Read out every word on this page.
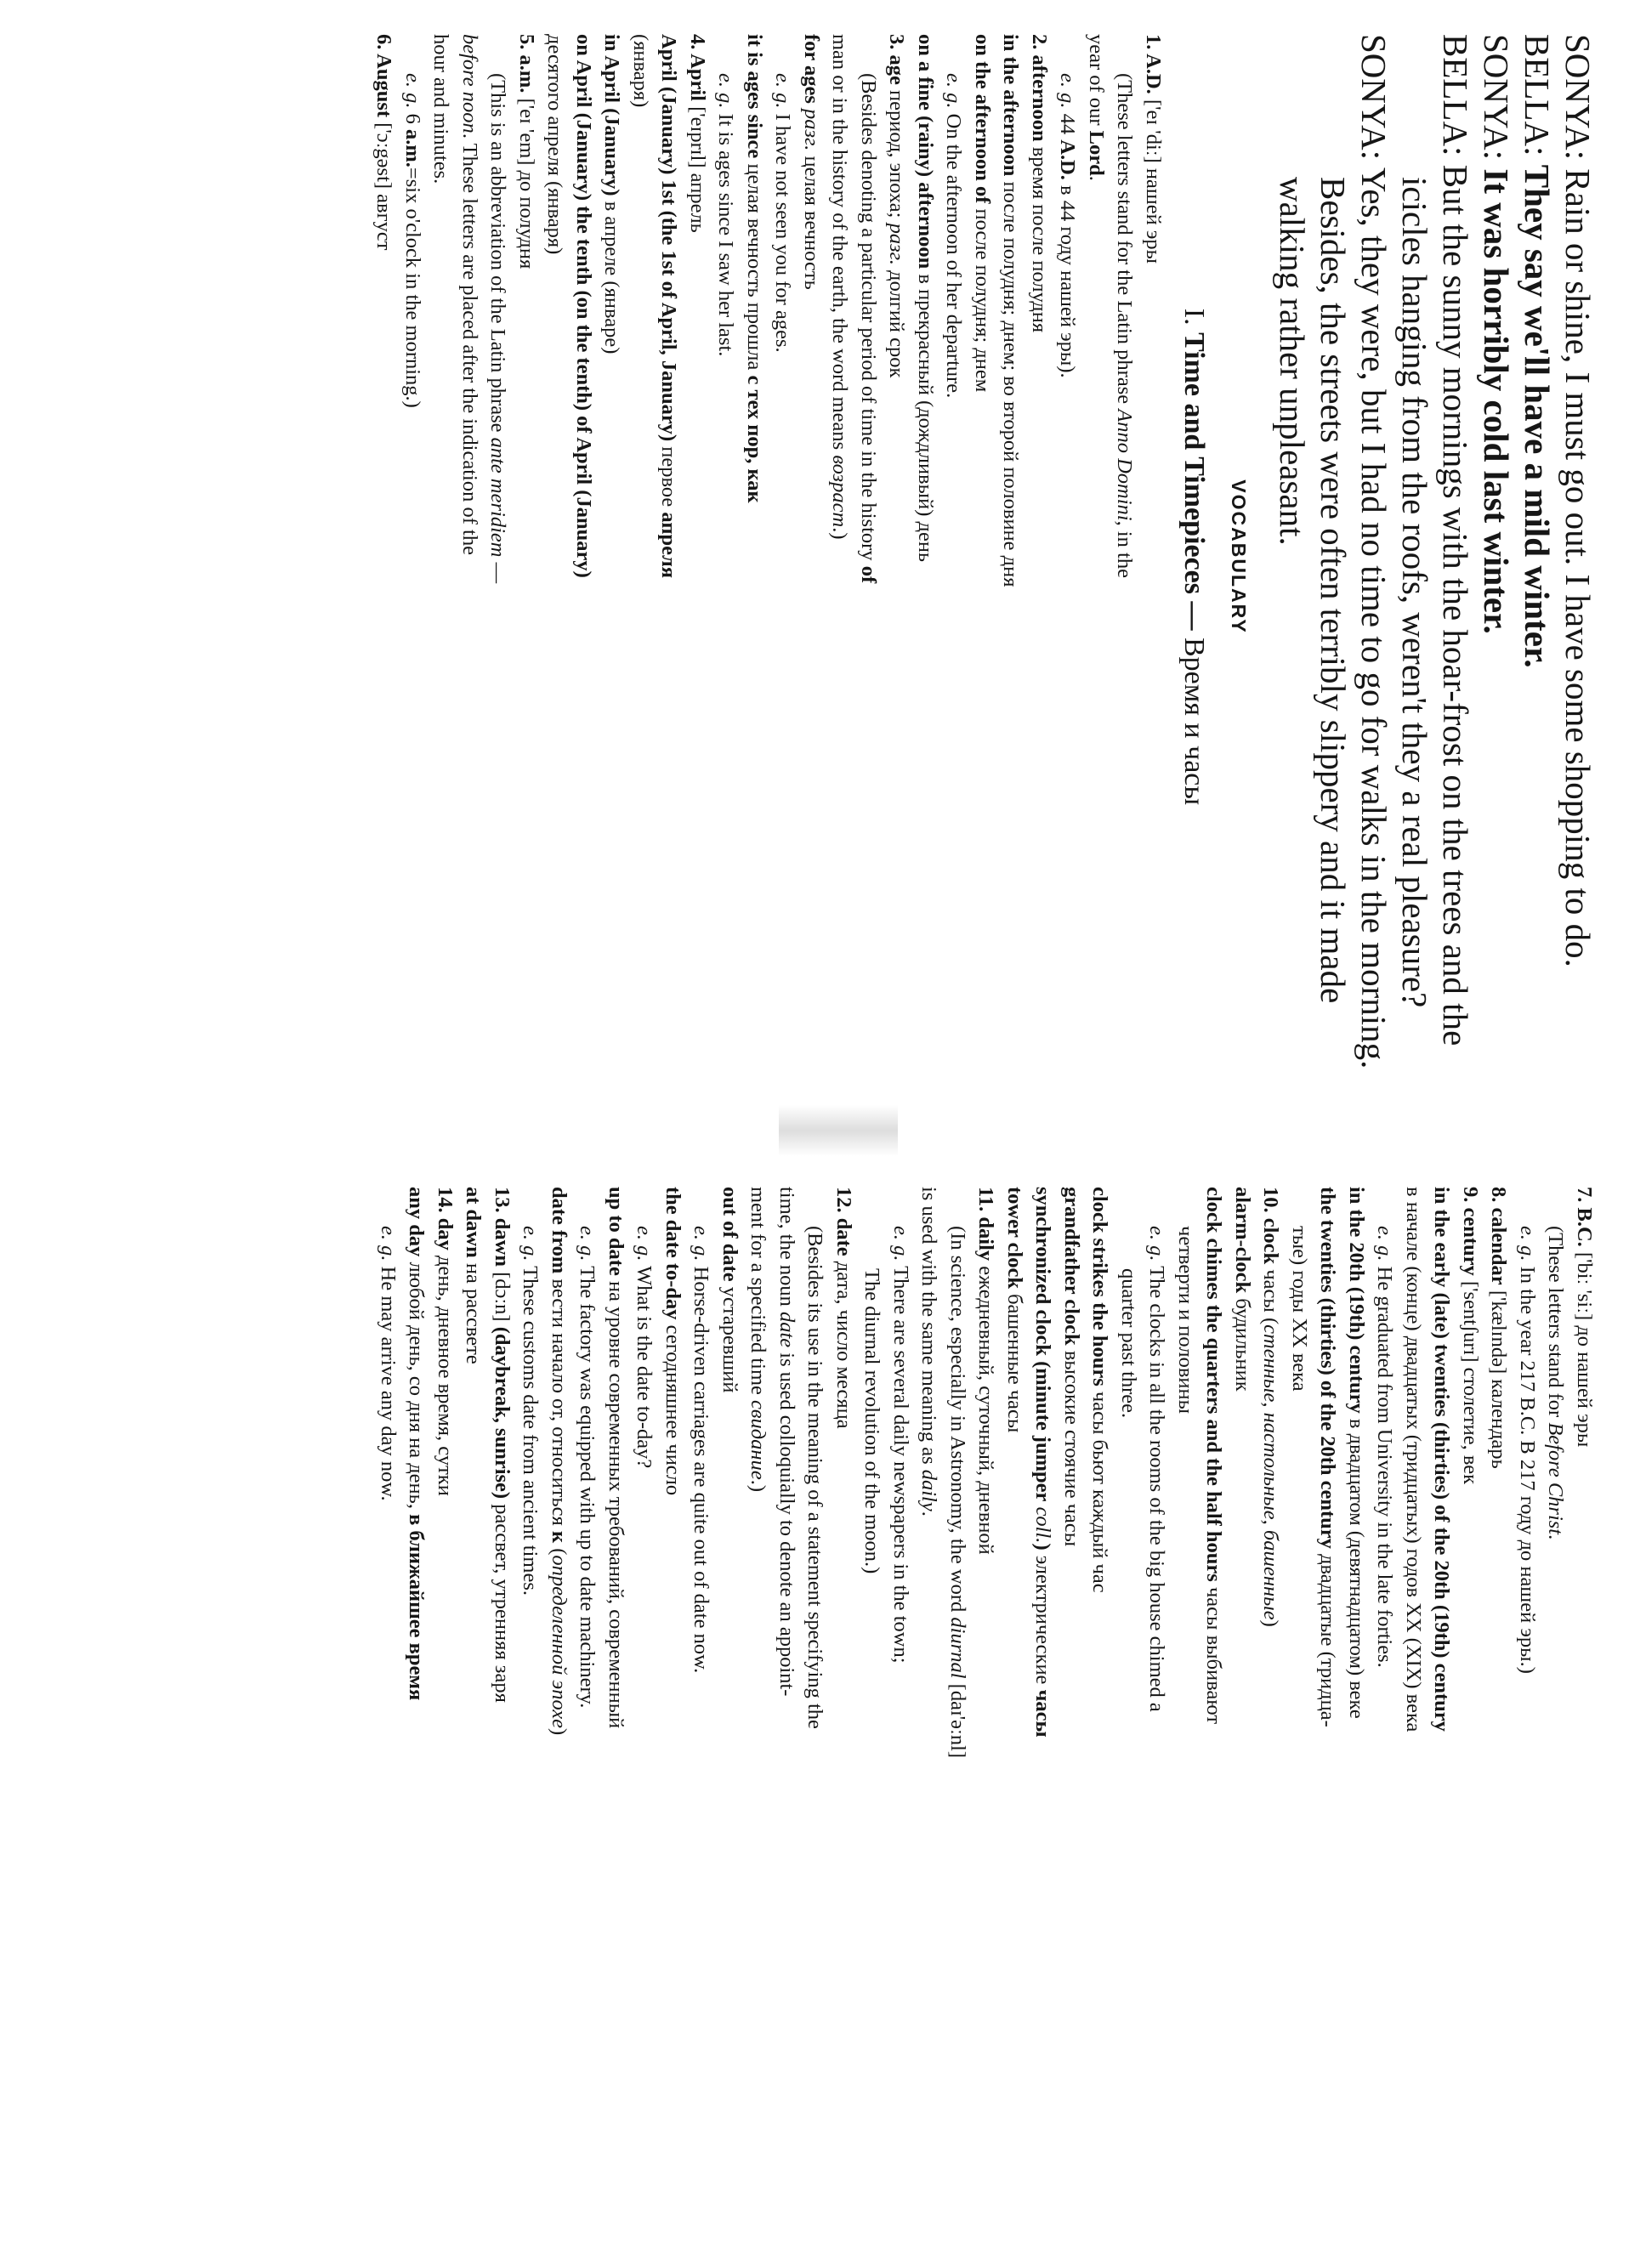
SONYA: Rain or shine, I must go out. I have some shopping to do.

BELLA: They say we'll have a mild winter.

SONYA: It was horribly cold last winter.

BELLA: But the sunny mornings with the hoar-frost on the trees and the icicles hanging from the roofs, weren't they a real pleasure?

SONYA: Yes, they were, but I had no time to go for walks in the morning. Besides, the streets were often terribly slippery and it made walking rather unpleasant.

VOCABULARY
I. Time and Timepieces — Время и часы

1. A.D. ['eɪ 'diː] нашей эры

(These letters stand for the Latin phrase Anno Domini, in the

year of our Lord.

e. g. 44 A.D. в 44 году нашей эры).

2. afternoon время после полудня

in the afternoon после полудня; днем; во второй половине дня

on the afternoon of после полудня; днем

e. g. On the afternoon of her departure.

on a fine (rainy) afternoon в прекрасный (дождливый) день

3. age период, эпоха; разг. долгий срок

(Besides denoting a particular period of time in the history of

man or in the history of the earth, the word means возраст.)

for ages разг. целая вечность

e. g. I have not seen you for ages.

it is ages since целая вечность прошла с тех пор, как

e. g. It is ages since I saw her last.

4. April ['eɪprɪl] апрель

April (January) 1st (the 1st of April, January) первое апреля

(января)

in April (January) в апреле (январе)

on April (January) the tenth (on the tenth) of April (January)

десятого апреля (января)

5. a.m. ['eɪ 'em] до полудня

(This is an abbreviation of the Latin phrase ante meridiem —

before noon. These letters are placed after the indication of the

hour and minutes.

e. g. 6 a.m.=six o'clock in the morning.)

6. August ['ɔːgəst] август

7. B.C. ['biː 'siː] до нашей эры

(These letters stand for Before Christ.

e. g. In the year 217 B.C. В 217 году до нашей эры.)

8. calendar ['kælɪndə] календарь

9. century ['sentʃurɪ] столетие, век

in the early (late) twenties (thirties) of the 20th (19th) century

в начале (конце) двадцатых (тридцатых) годов XX (XIX) века

e. g. He graduated from University in the late forties.

in the 20th (19th) century в двадцатом (девятнадцатом) веке

the twenties (thirties) of the 20th century двадцатые (тридца-

тые) годы XX века

10. clock часы (стенные, настольные, башенные)

alarm-clock будильник

clock chimes the quarters and the half hours часы выбивают

четверти и половины

e. g. The clocks in all the rooms of the big house chimed a

quarter past three.

clock strikes the hours часы бьют каждый час

grandfather clock высокие стоячие часы

synchronized clock (minute jumper coll.) электрические часы

tower clock башенные часы

11. daily ежедневный, суточный, дневной

(In science, especially in Astronomy, the word diurnal [daɪ'əːnl]

is used with the same meaning as daily.

e. g. There are several daily newspapers in the town;

The diurnal revolution of the moon.)

12. date дата, число месяца

(Besides its use in the meaning of a statement specifying the

time, the noun date is used colloquially to denote an appoint-

ment for a specified time свидание.)

out of date устаревший

e. g. Horse-driven carriages are quite out of date now.

the date to-day сегодняшнее число

e. g. What is the date to-day?

up to date на уровне современных требований, современный

e. g. The factory was equipped with up to date machinery.

date from вести начало от, относиться к (определенной эпохе)

e. g. These customs date from ancient times.

13. dawn [dɔːn] (daybreak, sunrise) рассвет, утренняя заря

at dawn на рассвете

14. day день, дневное время, сутки

any day любой день, со дня на день, в ближайшее время

e. g. He may arrive any day now.
